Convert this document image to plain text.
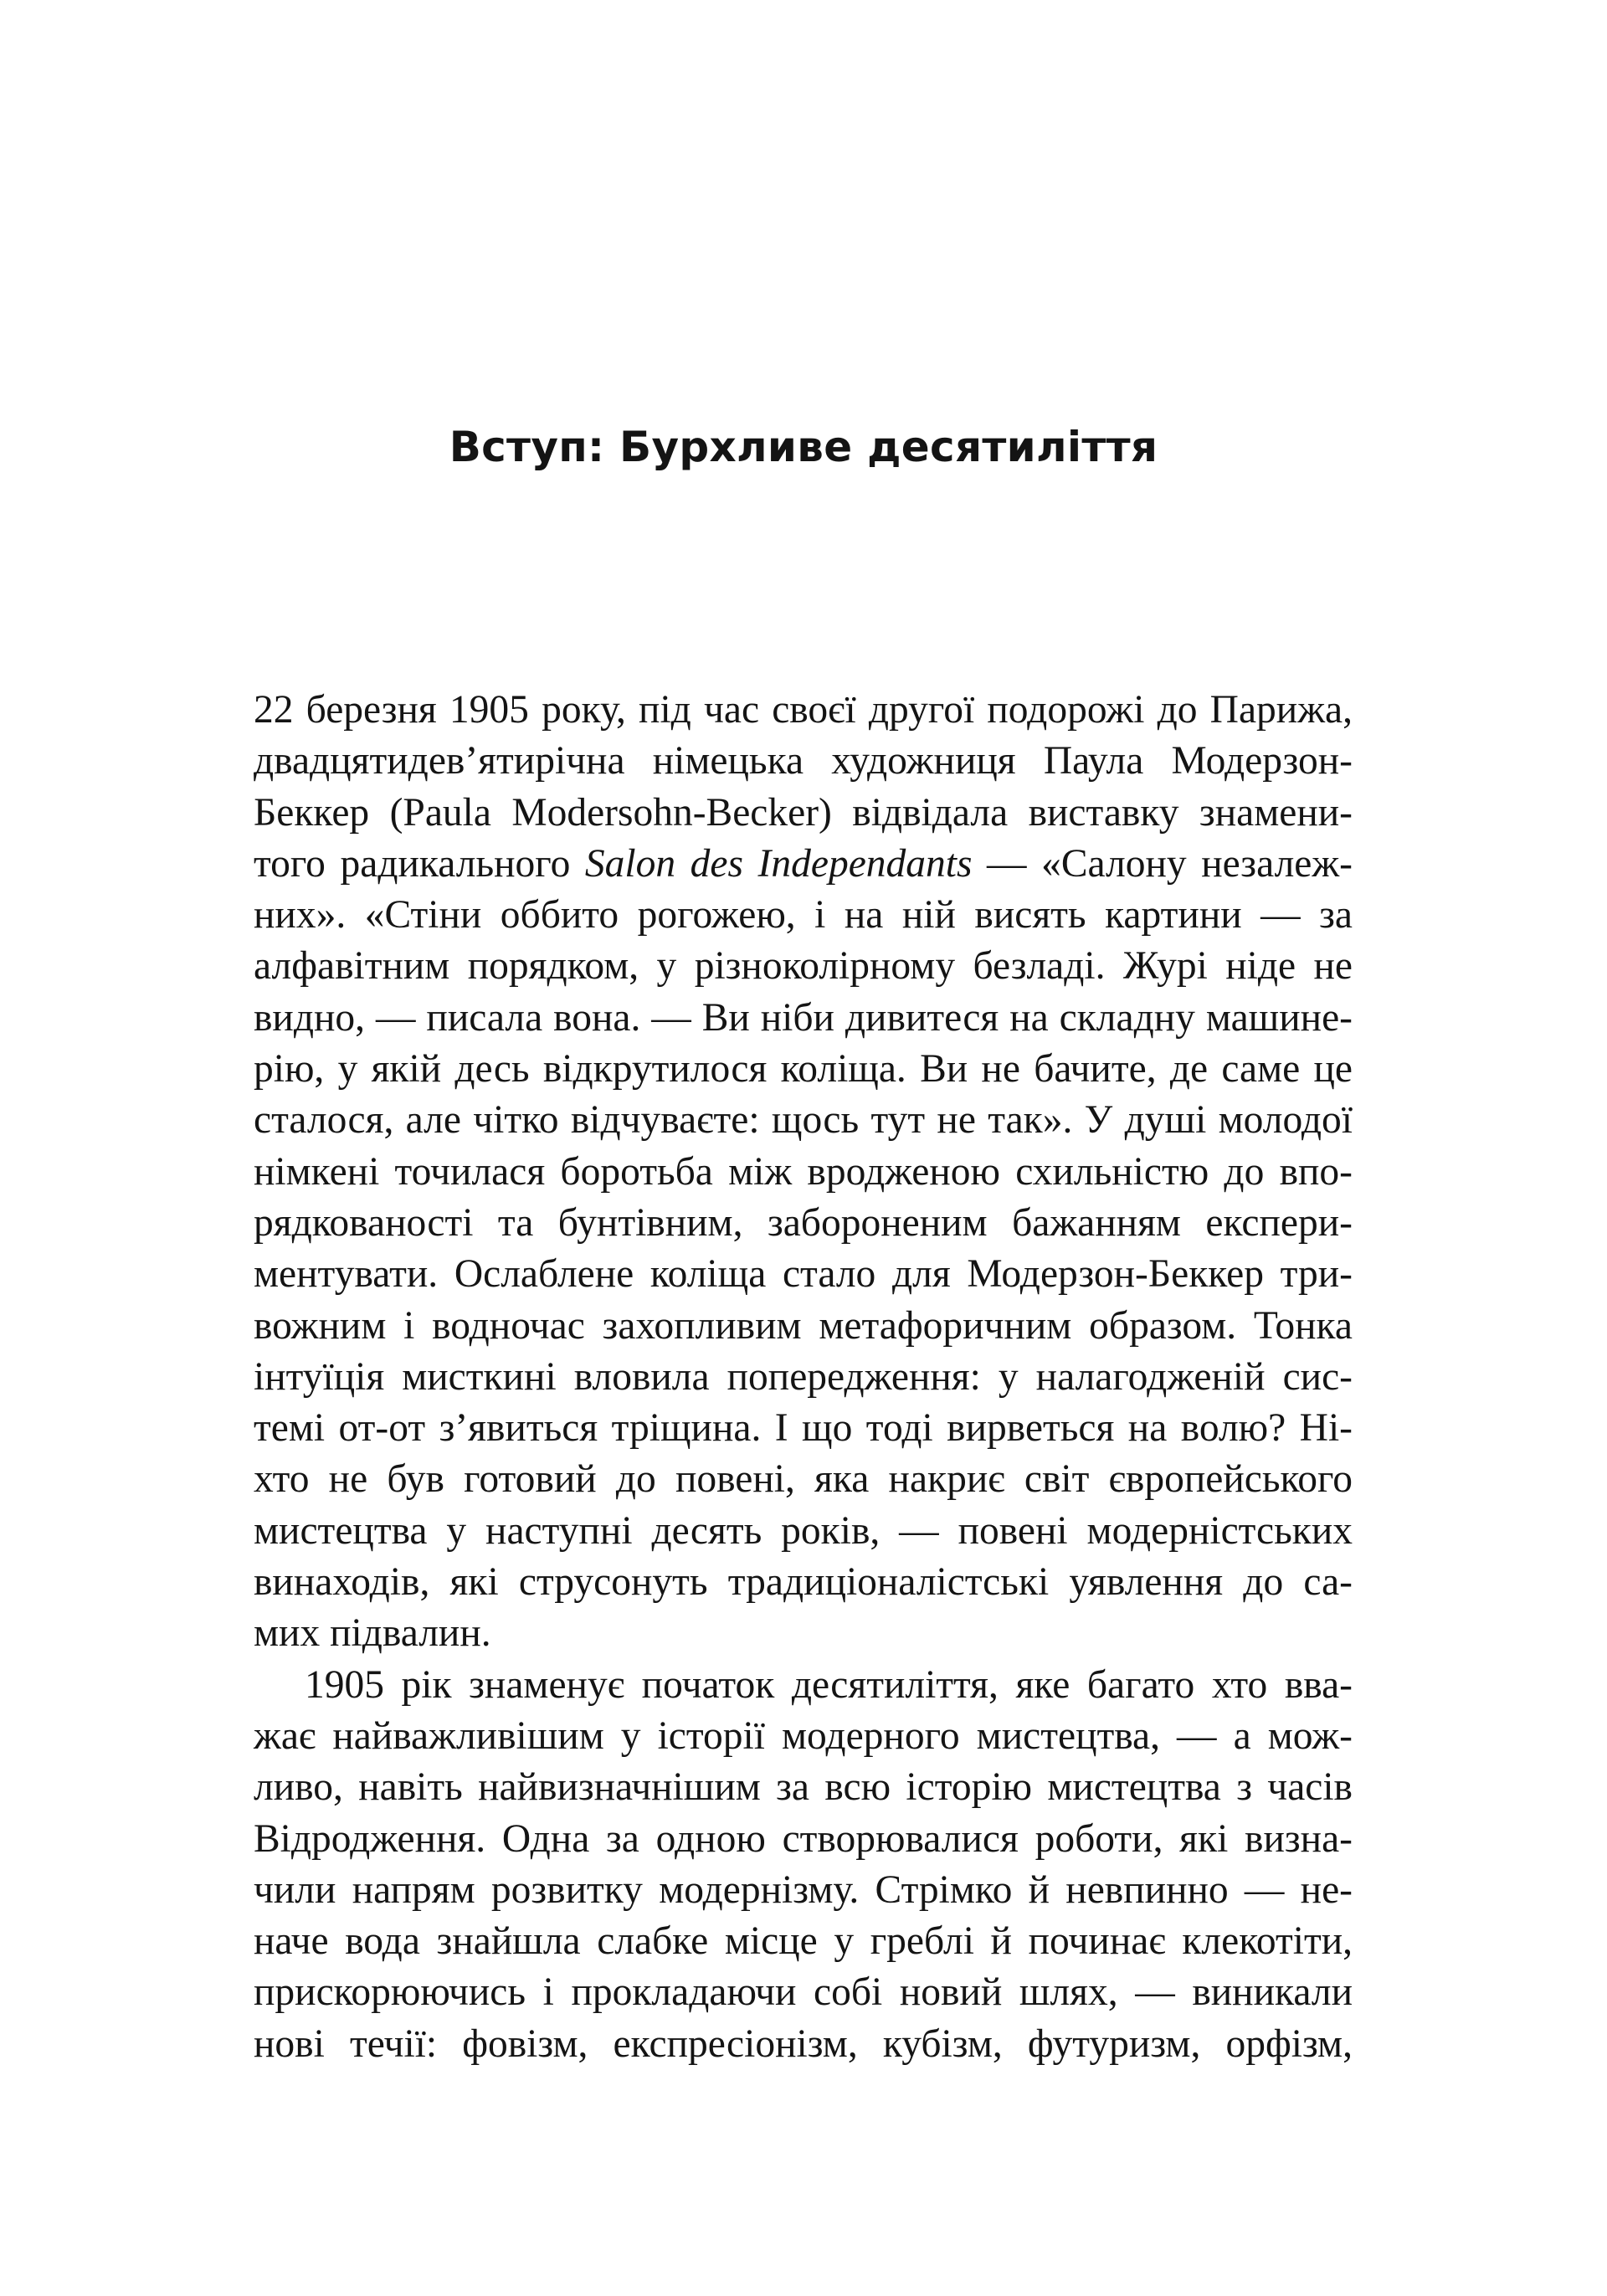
Вступ: Бурхливе десятиліття
22 березня 1905 року, під час своєї другої подорожі до Парижа,
двадцятидев’ятирічна німецька художниця Паула Модерзон-
Беккер (Paula Modersohn-Becker) відвідала виставку знамени-
того радикального Salon des Independants — «Салону незалеж-
них». «Стіни оббито рогожею, і на ній висять картини — за
алфавітним порядком, у різноколірному безладі. Журі ніде не
видно, — писала вона. — Ви ніби дивитеся на складну машине-
рію, у якій десь відкрутилося коліща. Ви не бачите, де саме це
сталося, але чітко відчуваєте: щось тут не так». У душі молодої
німкені точилася боротьба між вродженою схильністю до впо-
рядкованості та бунтівним, забороненим бажанням експери-
ментувати. Ослаблене коліща стало для Модерзон-Беккер три-
вожним і водночас захопливим метафоричним образом. Тонка
інтуїція мисткині вловила попередження: у налагодженій сис-
темі от-от з’явиться тріщина. І що тоді вирветься на волю? Ні-
хто не був готовий до повені, яка накриє світ європейського
мистецтва у наступні десять років, — повені модерністських
винаходів, які струсонуть традиціоналістські уявлення до са-
мих підвалин.
1905 рік знаменує початок десятиліття, яке багато хто вва-
жає найважливішим у історії модерного мистецтва, — а мож-
ливо, навіть найвизначнішим за всю історію мистецтва з часів
Відродження. Одна за одною створювалися роботи, які визна-
чили напрям розвитку модернізму. Стрімко й невпинно — не-
наче вода знайшла слабке місце у греблі й починає клекотіти,
прискорюючись і прокладаючи собі новий шлях, — виникали
нові течії: фовізм, експресіонізм, кубізм, футуризм, орфізм,
